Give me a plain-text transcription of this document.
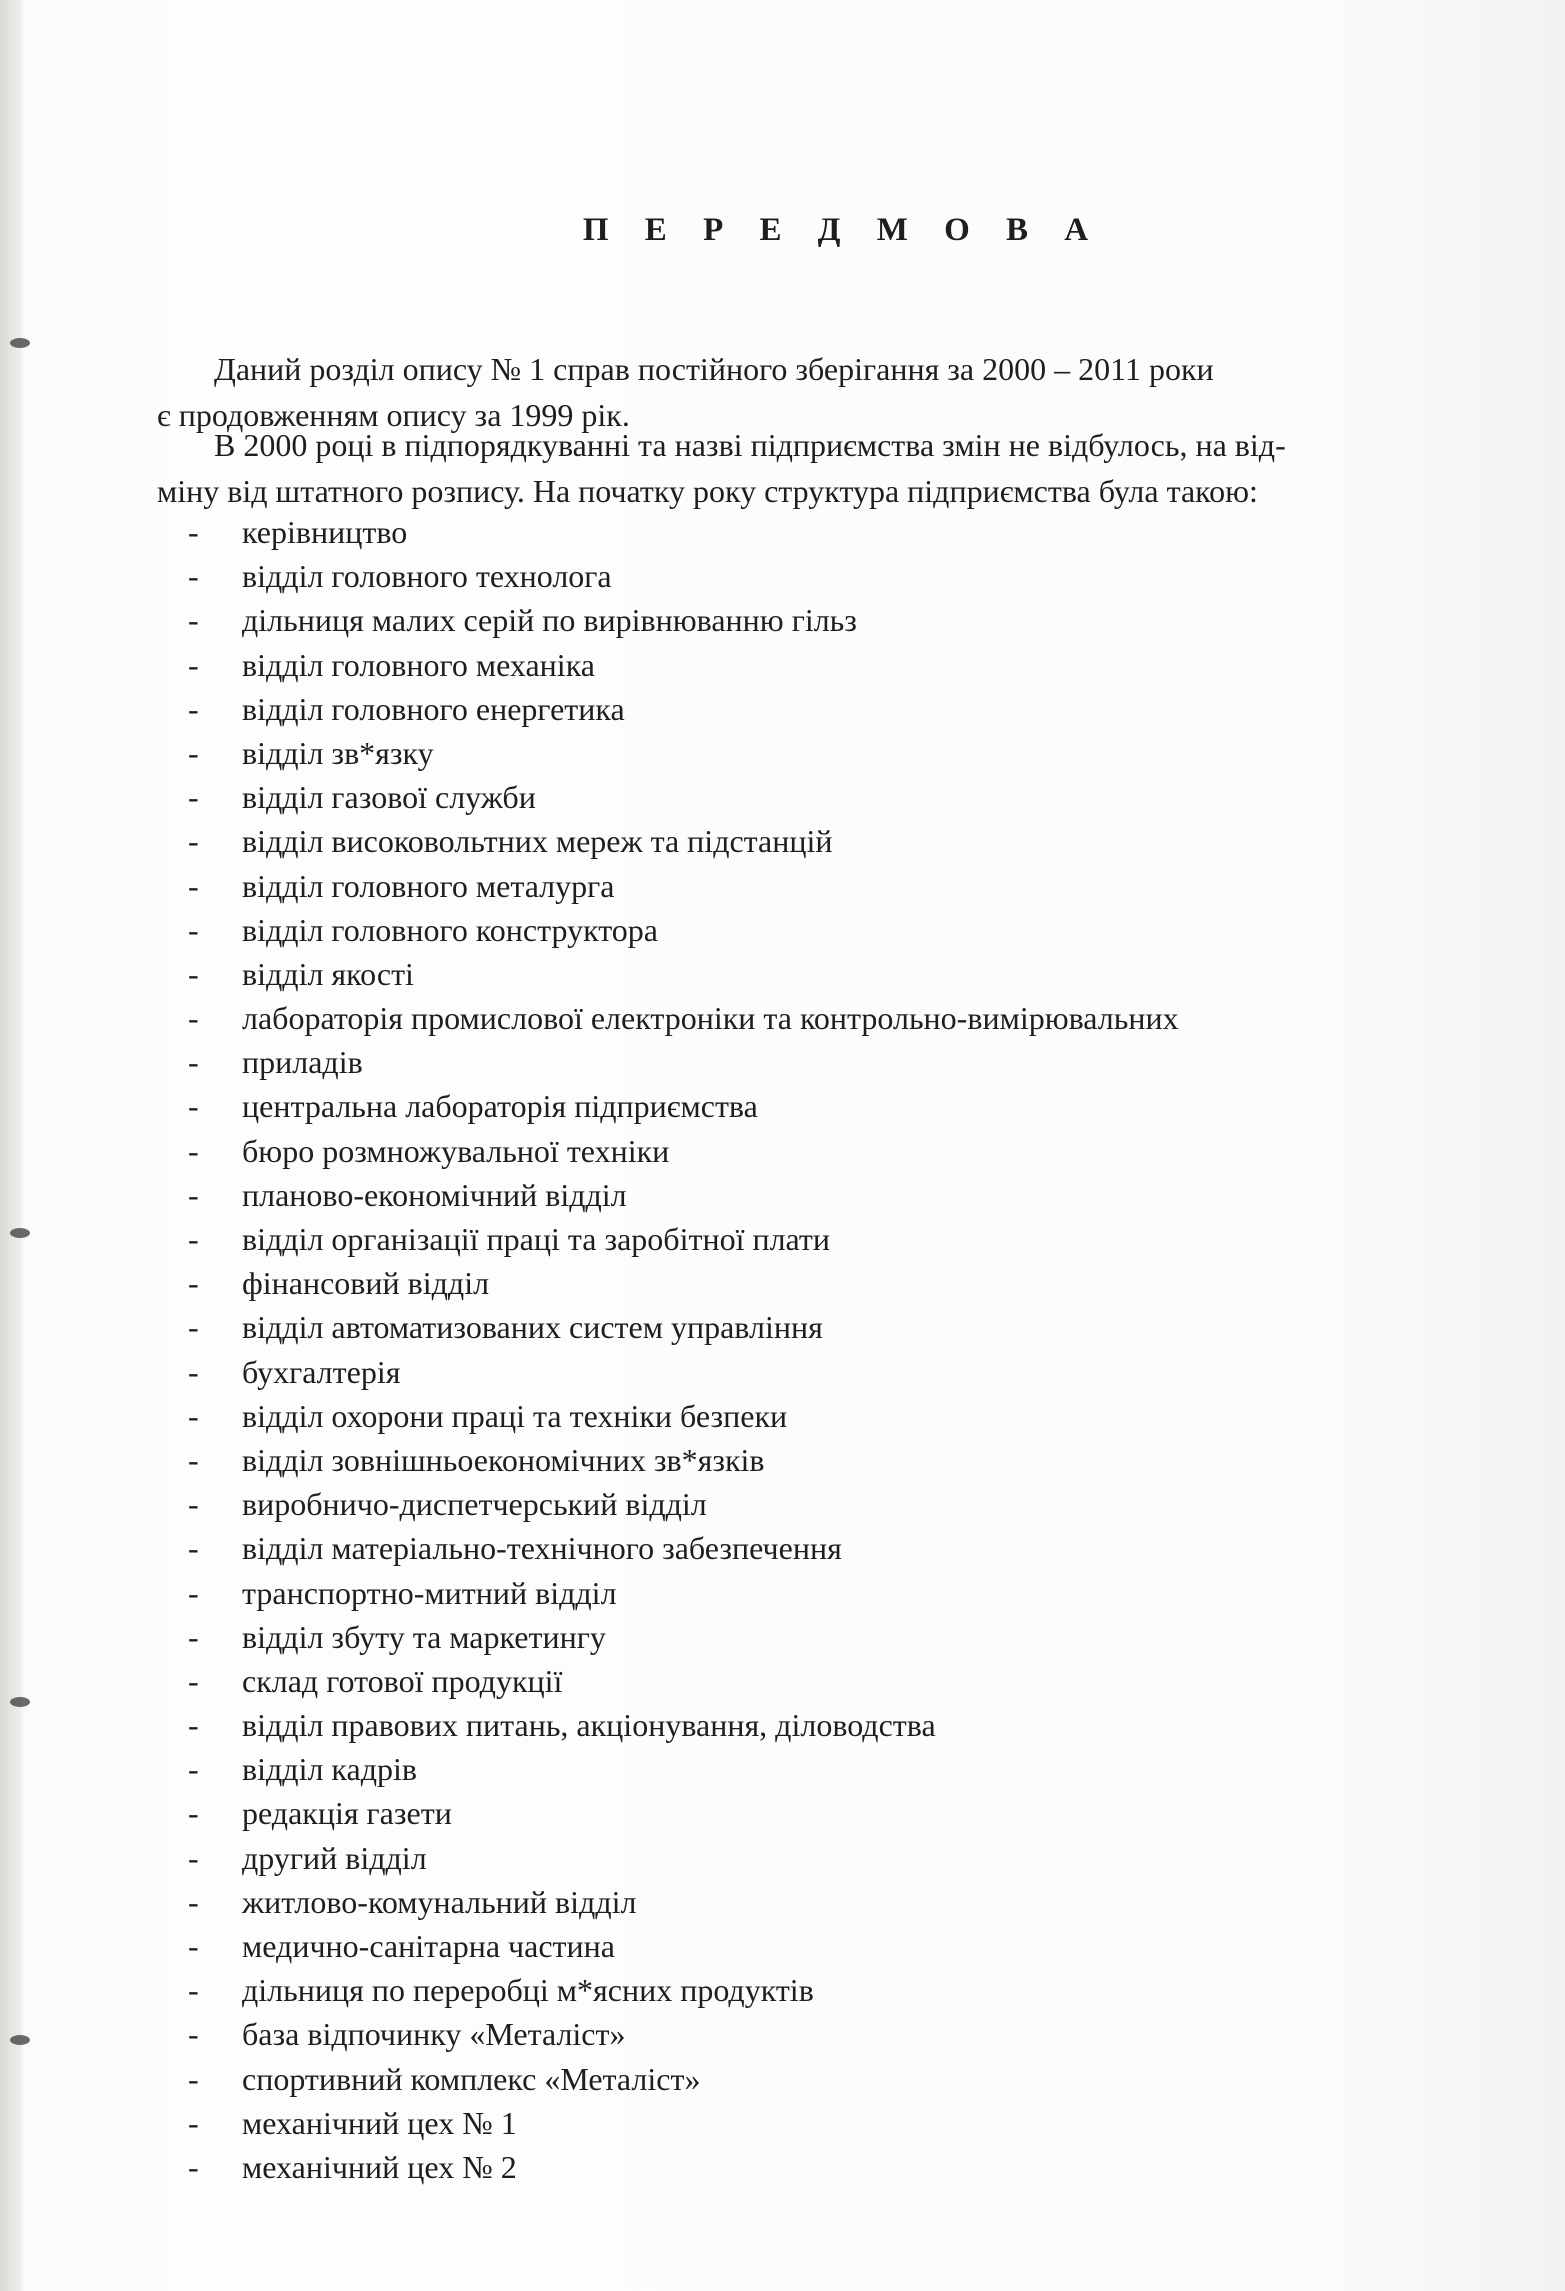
П Е Р Е Д М О В А
Даний розділ опису № 1 справ постійного зберігання за 2000 – 2011 роки
є продовженням опису за 1999 рік.
В 2000 році в підпорядкуванні та назві підприємства змін не відбулось, на від-
міну від штатного розпису. На початку року структура підприємства була такою:
- керівництво
- відділ головного технолога
- дільниця малих серій по вирівнюванню гільз
- відділ головного механіка
- відділ головного енергетика
- відділ зв*язку
- відділ газової служби
- відділ високовольтних мереж та підстанцій
- відділ головного металурга
- відділ головного конструктора
- відділ якості
- лабораторія промислової електроніки та контрольно-вимірювальних
- приладів
- центральна лабораторія підприємства
- бюро розмножувальної техніки
- планово-економічний відділ
- відділ організації праці та заробітної плати
- фінансовий відділ
- відділ автоматизованих систем управління
- бухгалтерія
- відділ охорони праці та техніки безпеки
- відділ зовнішньоекономічних зв*язків
- виробничо-диспетчерський відділ
- відділ матеріально-технічного забезпечення
- транспортно-митний відділ
- відділ збуту та маркетингу
- склад готової продукції
- відділ правових питань, акціонування, діловодства
- відділ кадрів
- редакція газети
- другий відділ
- житлово-комунальний відділ
- медично-санітарна частина
- дільниця по переробці м*ясних продуктів
- база відпочинку «Металіст»
- спортивний комплекс «Металіст»
- механічний цех № 1
- механічний цех № 2
